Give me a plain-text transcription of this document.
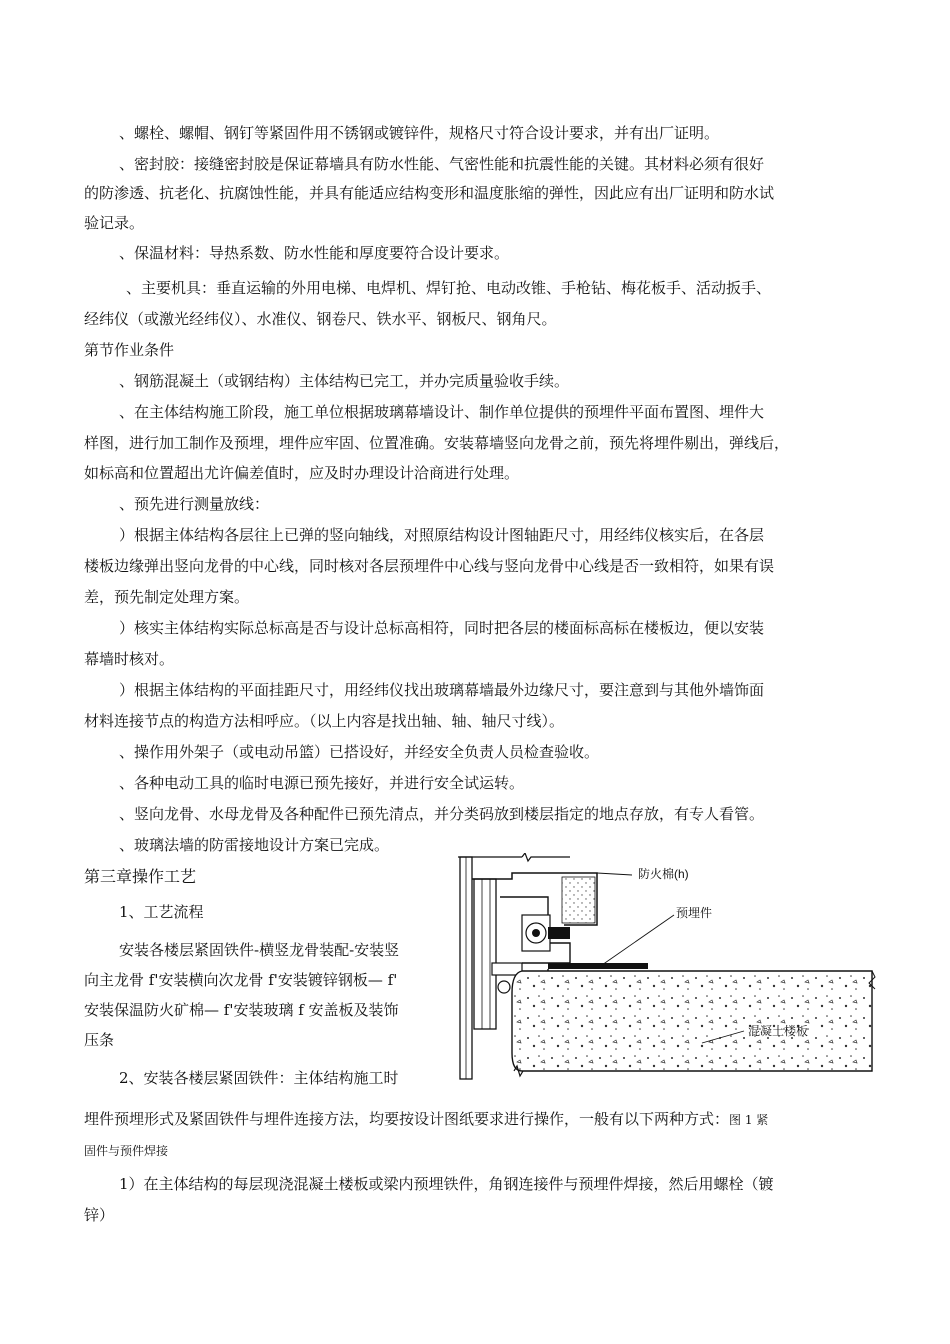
、螺栓、螺帽、钢钉等紧固件用不锈钢或镀锌件，规格尺寸符合设计要求，并有出厂证明。
、密封胶：接缝密封胶是保证幕墙具有防水性能、气密性能和抗震性能的关键。其材料必须有很好
的防渗透、抗老化、抗腐蚀性能，并具有能适应结构变形和温度胀缩的弹性，因此应有出厂证明和防水试
验记录。
、保温材料：导热系数、防水性能和厚度要符合设计要求。
、主要机具：垂直运输的外用电梯、电焊机、焊钉抢、电动改锥、手枪钻、梅花板手、活动扳手、
经纬仪（或激光经纬仪）、水准仪、钢卷尺、铁水平、钢板尺、钢角尺。
第节作业条件
、钢筋混凝土（或钢结构）主体结构已完工，并办完质量验收手续。
、在主体结构施工阶段，施工单位根据玻璃幕墙设计、制作单位提供的预埋件平面布置图、埋件大
样图，进行加工制作及预埋，埋件应牢固、位置准确。安装幕墙竖向龙骨之前，预先将埋件剔出，弹线后，
如标高和位置超出尤许偏差值时，应及时办理设计洽商进行处理。
、预先进行测量放线：
）根据主体结构各层往上已弹的竖向轴线，对照原结构设计图轴距尺寸，用经纬仪核实后，在各层
楼板边缘弹出竖向龙骨的中心线，同时核对各层预埋件中心线与竖向龙骨中心线是否一致相符，如果有误
差，预先制定处理方案。
）核实主体结构实际总标高是否与设计总标高相符，同时把各层的楼面标高标在楼板边，便以安装
幕墙时核对。
）根据主体结构的平面挂距尺寸，用经纬仪找出玻璃幕墙最外边缘尺寸，要注意到与其他外墙饰面
材料连接节点的构造方法相呼应。（以上内容是找出轴、轴、轴尺寸线）。
、操作用外架子（或电动吊篮）已搭设好，并经安全负责人员检查验收。
、各种电动工具的临时电源已预先接好，并进行安全试运转。
、竖向龙骨、水母龙骨及各种配件已预先清点，并分类码放到楼层指定的地点存放，有专人看管。
、玻璃法墙的防雷接地设计方案已完成。
第三章操作工艺
1、工艺流程
安装各楼层紧固铁件-横竖龙骨装配-安装竖
向主龙骨 f'安装横向次龙骨 f'安装镀锌钢板— f'
安装保温防火矿棉— f'安装玻璃 f 安盖板及装饰
压条
2、安装各楼层紧固铁件：主体结构施工时
埋件预埋形式及紧固铁件与埋件连接方法，均要按设计图纸要求进行操作，一般有以下两种方式：图 1 紧
固件与预件焊接
1）在主体结构的每层现浇混凝土楼板或梁内预埋铁件，角钢连接件与预埋件焊接，然后用螺栓（镀
锌）
防火棉(h)
预埋件
混凝土楼板
